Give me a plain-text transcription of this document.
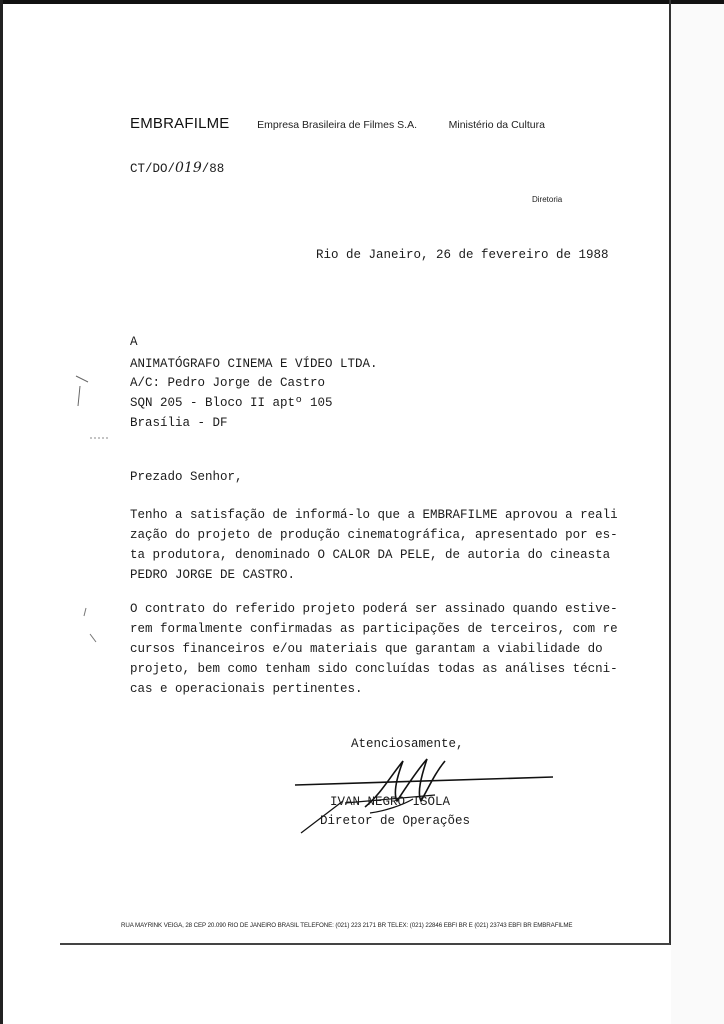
EMBRAFILME	Empresa Brasileira de Filmes S.A.	Ministério da Cultura
CT/DO/019/88
Diretoria
Rio de Janeiro, 26 de fevereiro de 1988
A
ANIMATÓGRAFO CINEMA E VÍDEO LTDA.
A/C: Pedro Jorge de Castro
SQN 205 - Bloco II aptº 105
Brasília - DF
Prezado Senhor,
Tenho a satisfação de informá-lo que a EMBRAFILME aprovou a reali
zação do projeto de produção cinematográfica, apresentado por es-
ta produtora, denominado O CALOR DA PELE, de autoria do cineasta
PEDRO JORGE DE CASTRO.
O contrato do referido projeto poderá ser assinado quando estive-
rem formalmente confirmadas as participações de terceiros, com re
cursos financeiros e/ou materiais que garantam a viabilidade do
projeto, bem como tenham sido concluídas todas as análises técni-
cas e operacionais pertinentes.
Atenciosamente,
IVAN NEGRO ISOLA
Diretor de Operações
RUA MAYRINK VEIGA, 28 CEP 20.090 RIO DE JANEIRO BRASIL TELEFONE: (021) 223 2171 BR TELEX: (021) 22846 EBFI BR E (021) 23743 EBFI BR EMBRAFILME
